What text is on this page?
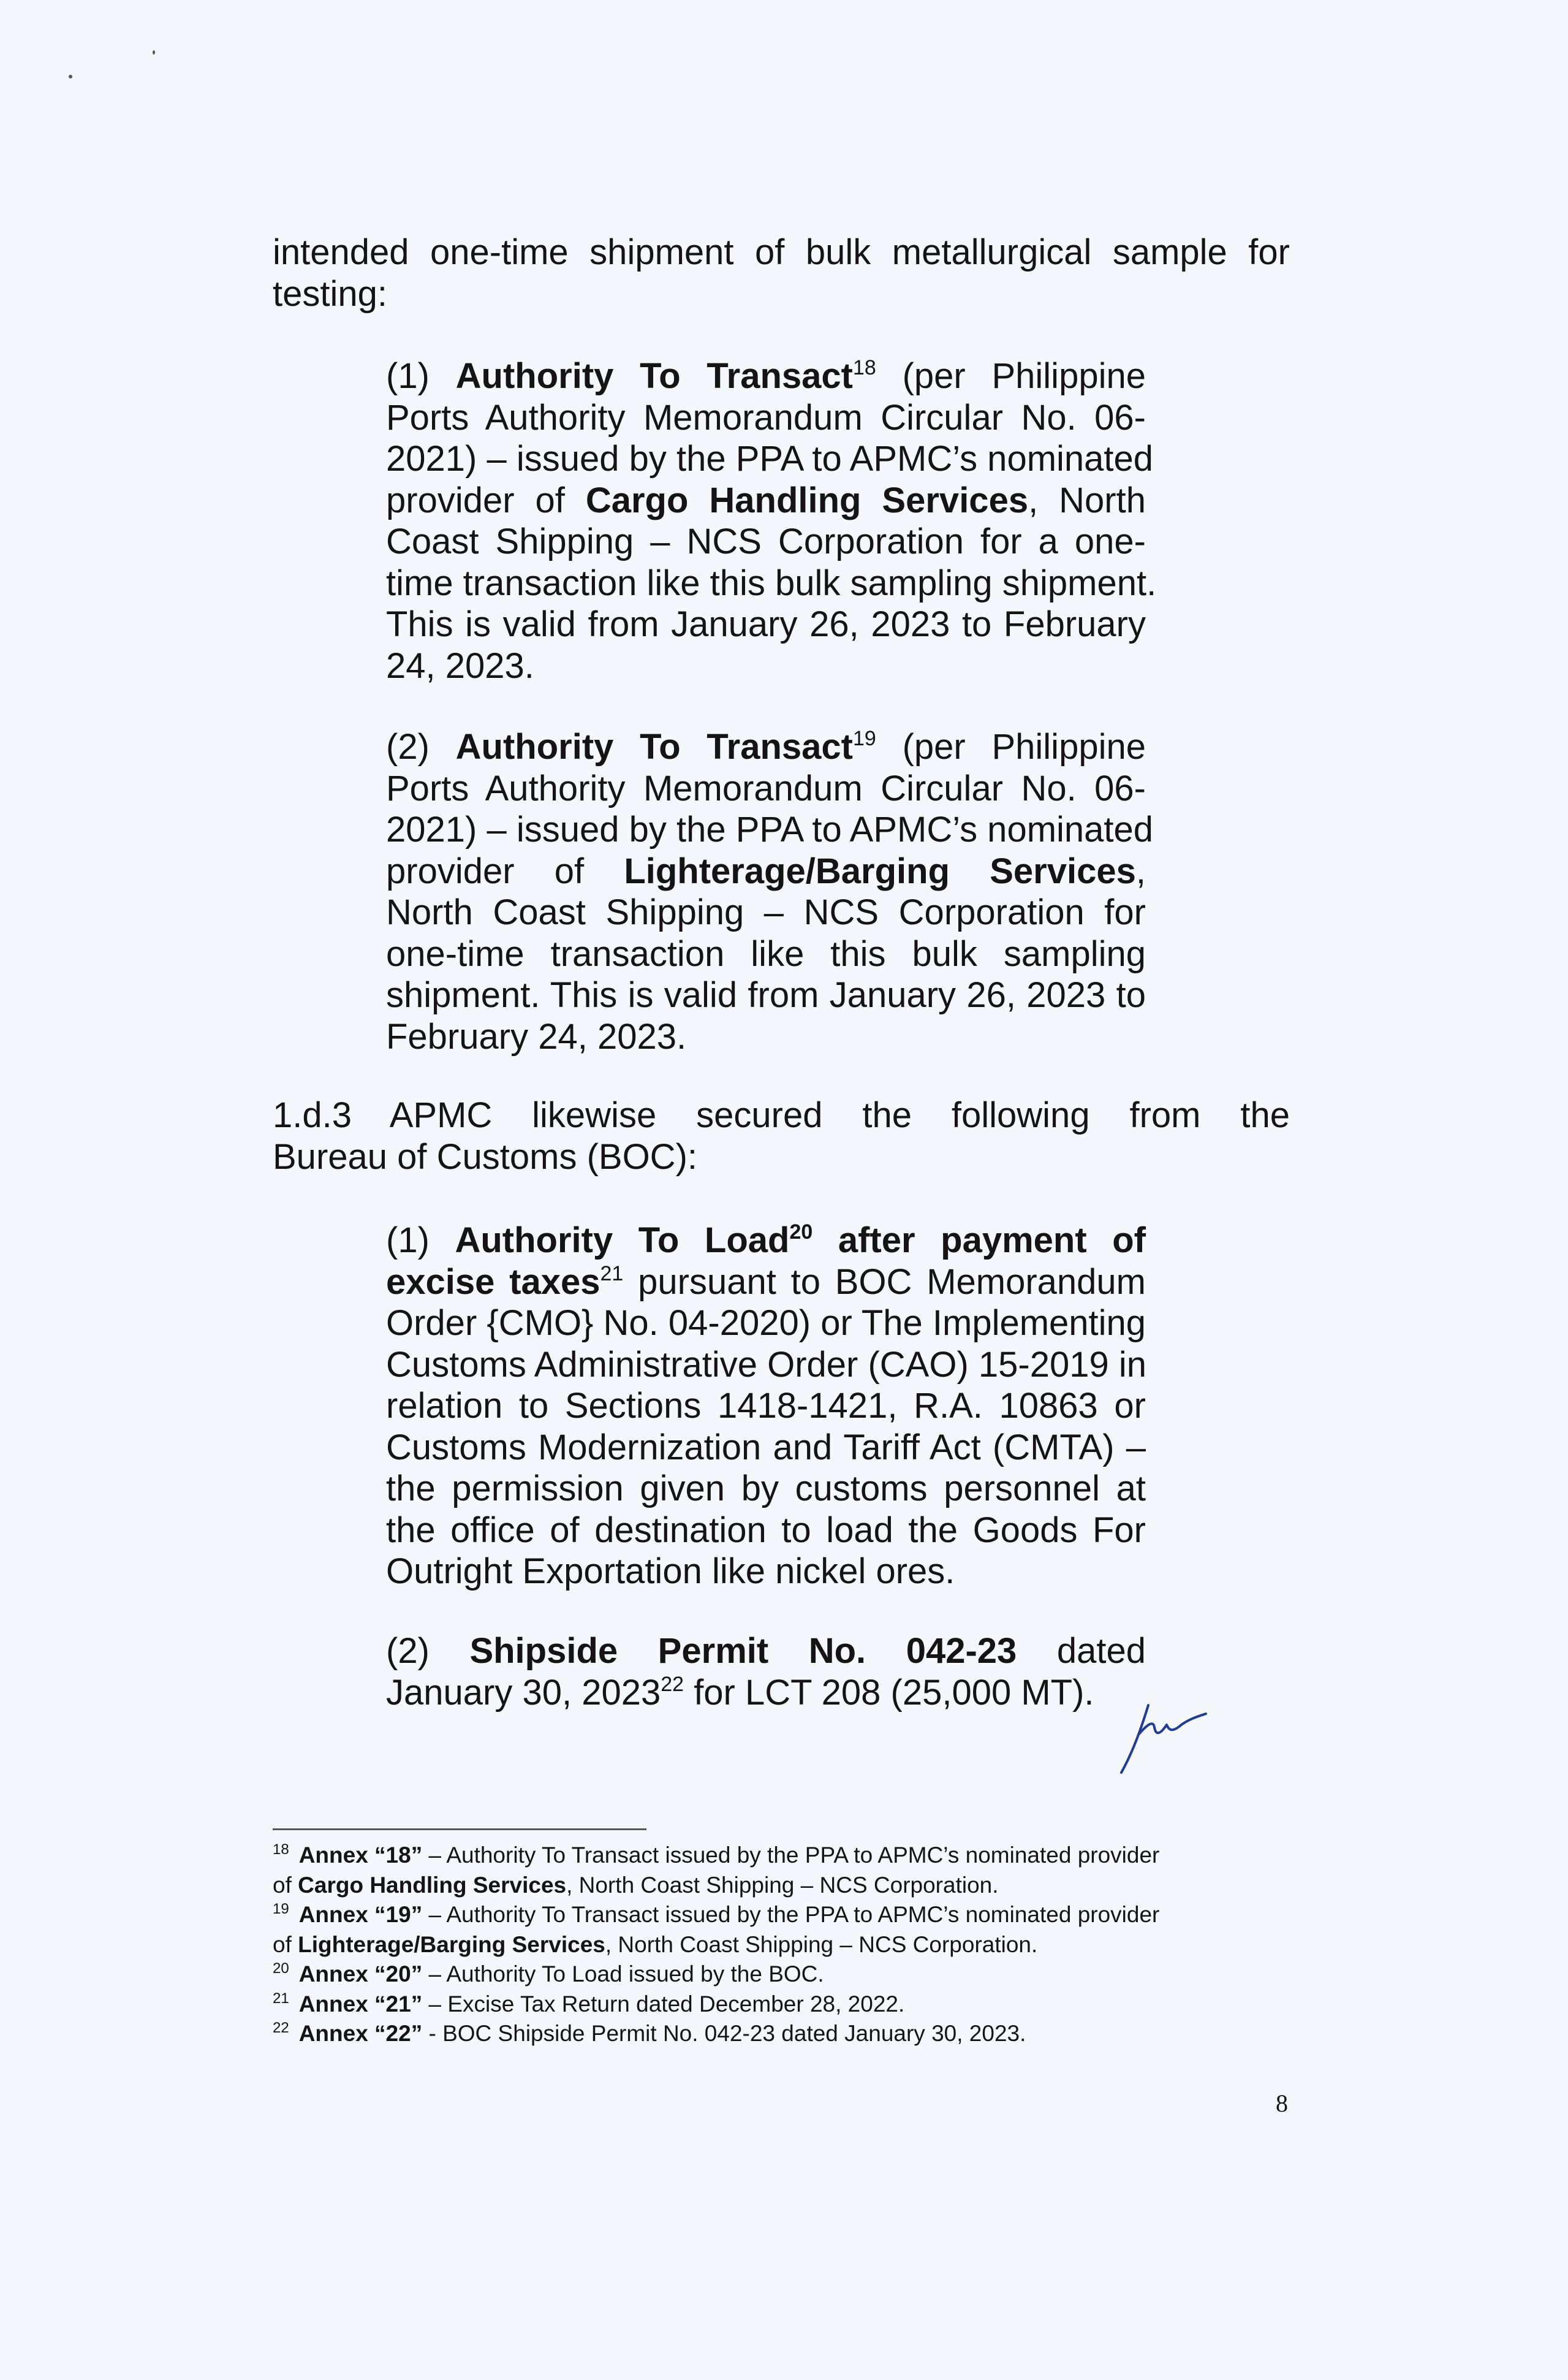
intended one-time shipment of bulk metallurgical sample for
testing:
(1) Authority To Transact$^{18}$ (per Philippine
Ports Authority Memorandum Circular No. 06-
2021) – issued by the PPA to APMC’s nominated
provider of Cargo Handling Services, North
Coast Shipping – NCS Corporation for a one-
time transaction like this bulk sampling shipment.
This is valid from January 26, 2023 to February
24, 2023.
(2) Authority To Transact$^{19}$ (per Philippine
Ports Authority Memorandum Circular No. 06-
2021) – issued by the PPA to APMC’s nominated
provider of Lighterage/Barging Services,
North Coast Shipping – NCS Corporation for
one-time transaction like this bulk sampling
shipment. This is valid from January 26, 2023 to
February 24, 2023.
1.d.3 APMC likewise secured the following from the
Bureau of Customs (BOC):
(1) Authority To Load$^{20}$ after payment of
excise taxes$^{21}$ pursuant to BOC Memorandum
Order {CMO} No. 04-2020) or The Implementing
Customs Administrative Order (CAO) 15-2019 in
relation to Sections 1418-1421, R.A. 10863 or
Customs Modernization and Tariff Act (CMTA) –
the permission given by customs personnel at
the office of destination to load the Goods For
Outright Exportation like nickel ores.
(2) Shipside Permit No. 042-23 dated
January 30, 2023$^{22}$ for LCT 208 (25,000 MT).
$^{18}$ Annex “18” – Authority To Transact issued by the PPA to APMC’s nominated provider
of Cargo Handling Services, North Coast Shipping – NCS Corporation.
$^{19}$ Annex “19” – Authority To Transact issued by the PPA to APMC’s nominated provider
of Lighterage/Barging Services, North Coast Shipping – NCS Corporation.
$^{20}$ Annex “20” – Authority To Load issued by the BOC.
$^{21}$ Annex “21” – Excise Tax Return dated December 28, 2022.
$^{22}$ Annex “22” - BOC Shipside Permit No. 042-23 dated January 30, 2023.
8
